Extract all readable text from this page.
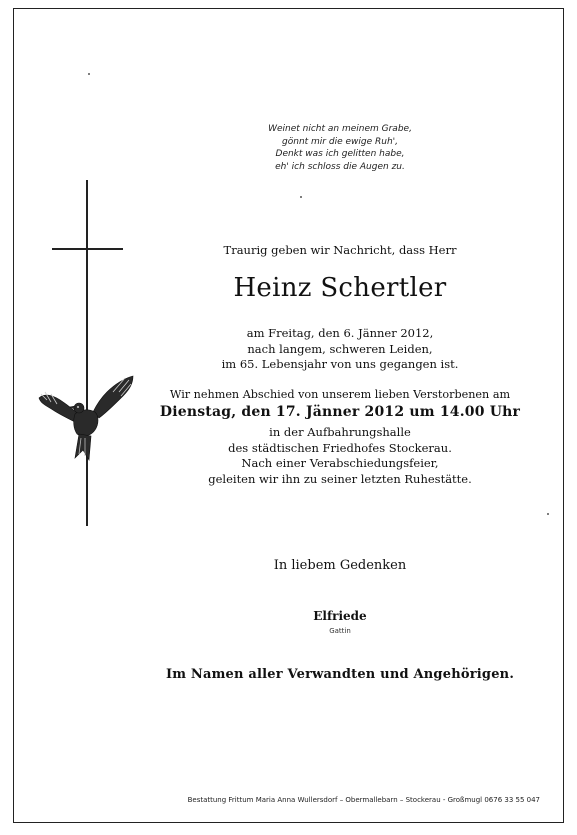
Weinet nicht an meinem Grabe,
gönnt mir die ewige Ruh',
Denkt was ich gelitten habe,
eh' ich schloss die Augen zu.
Traurig geben wir Nachricht, dass Herr
Heinz Schertler
am Freitag, den 6. Jänner 2012,
nach langem, schweren Leiden,
im 65. Lebensjahr von uns gegangen ist.
Wir nehmen Abschied von unserem lieben Verstorbenen am
Dienstag, den 17. Jänner 2012 um 14.00 Uhr
in der Aufbahrungshalle
des städtischen Friedhofes Stockerau.
Nach einer Verabschiedungsfeier,
geleiten wir ihn zu seiner letzten Ruhestätte.
In liebem Gedenken
Elfriede
Gattin
Im Namen aller Verwandten und Angehörigen.
Bestattung Frittum Maria Anna Wullersdorf – Obermallebarn – Stockerau - Großmugl 0676 33 55 047
